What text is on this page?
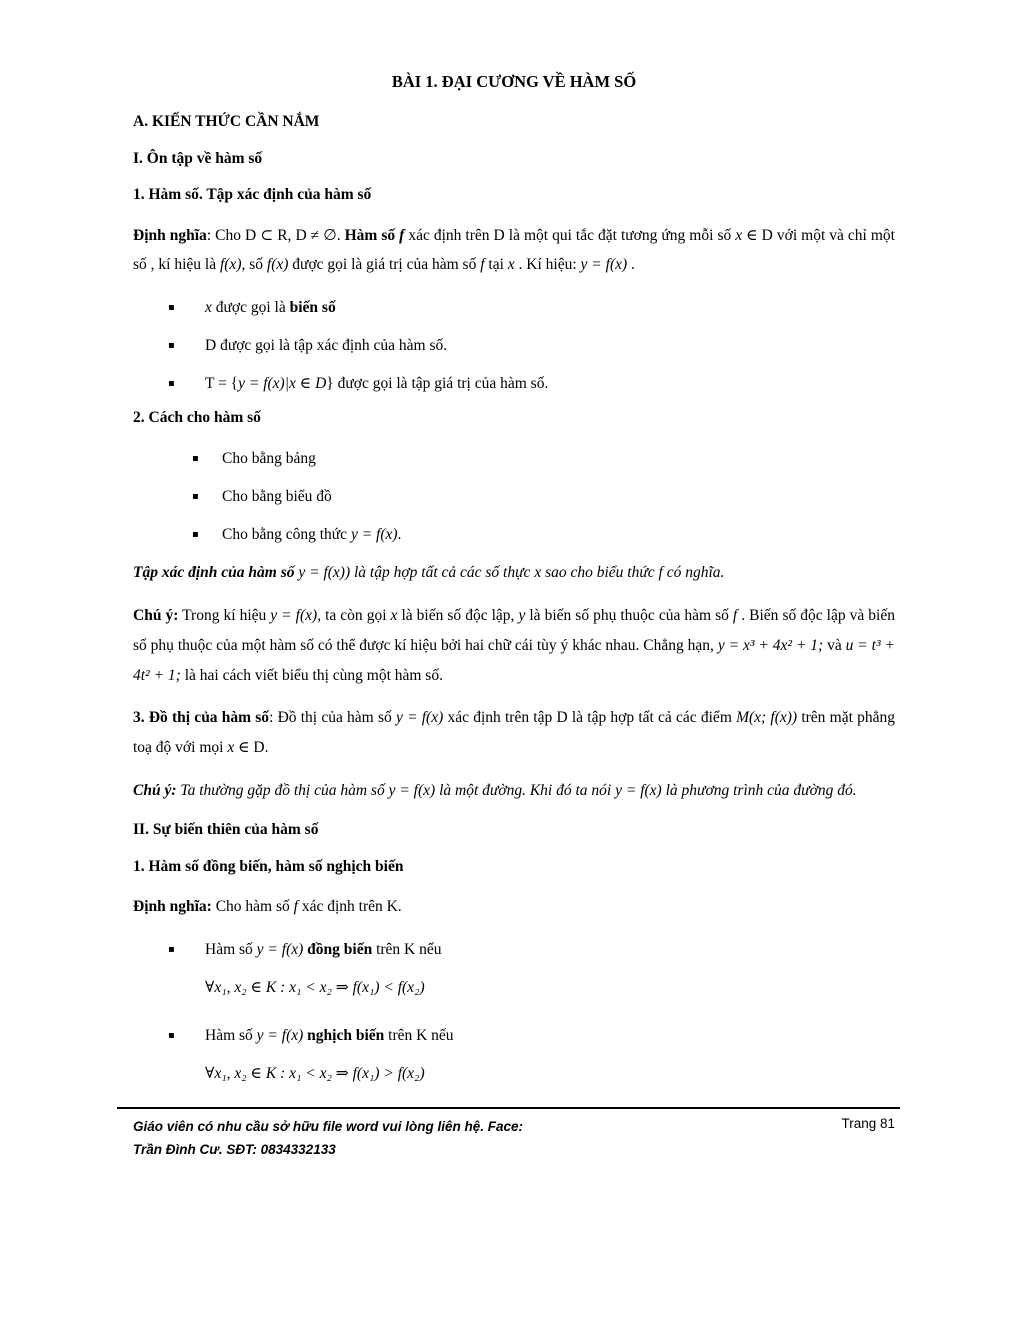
BÀI 1. ĐẠI CƯƠNG VỀ HÀM SỐ
A. KIẾN THỨC CẦN NẮM
I. Ôn tập về hàm số
1. Hàm số. Tập xác định của hàm số
Định nghĩa: Cho D ⊂ R, D ≠ ∅. Hàm số f xác định trên D là một qui tắc đặt tương ứng mỗi số x ∈ D với một và chỉ một số , kí hiệu là f(x), số f(x) được gọi là giá trị của hàm số f tại x . Kí hiệu: y = f(x) .
▪	x được gọi là biến số
▪	D được gọi là tập xác định của hàm số.
▪	T = {y = f(x)|x ∈ D} được gọi là tập giá trị của hàm số.
2. Cách cho hàm số
▪	Cho bằng bảng
▪	Cho bằng biểu đồ
▪	Cho bằng công thức y = f(x).
Tập xác định của hàm số y = f(x)) là tập hợp tất cả các số thực x sao cho biểu thức f có nghĩa.
Chú ý: Trong kí hiệu y = f(x), ta còn gọi x là biến số độc lập, y là biến số phụ thuộc của hàm số f . Biến số độc lập và biến số phụ thuộc của một hàm số có thể được kí hiệu bởi hai chữ cái tùy ý khác nhau. Chẳng hạn, y = x³ + 4x² + 1; và u = t³ + 4t² + 1; là hai cách viết biểu thị cùng một hàm số.
3. Đồ thị của hàm số: Đồ thị của hàm số y = f(x) xác định trên tập D là tập hợp tất cả các điểm M(x; f(x)) trên mặt phẳng toạ độ với mọi x ∈ D.
Chú ý: Ta thường gặp đồ thị của hàm số y = f(x) là một đường. Khi đó ta nói y = f(x) là phương trình của đường đó.
II. Sự biến thiên của hàm số
1. Hàm số đồng biến, hàm số nghịch biến
Định nghĩa: Cho hàm số f xác định trên K.
▪	Hàm số y = f(x) đồng biến trên K nếu
∀x₁, x₂ ∈ K : x₁ < x₂ ⇒ f(x₁) < f(x₂)
▪	Hàm số y = f(x) nghịch biến trên K nếu
∀x₁, x₂ ∈ K : x₁ < x₂ ⇒ f(x₁) > f(x₂)
Giáo viên có nhu cầu sở hữu file word vui lòng liên hệ. Face:
Trần Đình Cư. SĐT: 0834332133
Trang 81
